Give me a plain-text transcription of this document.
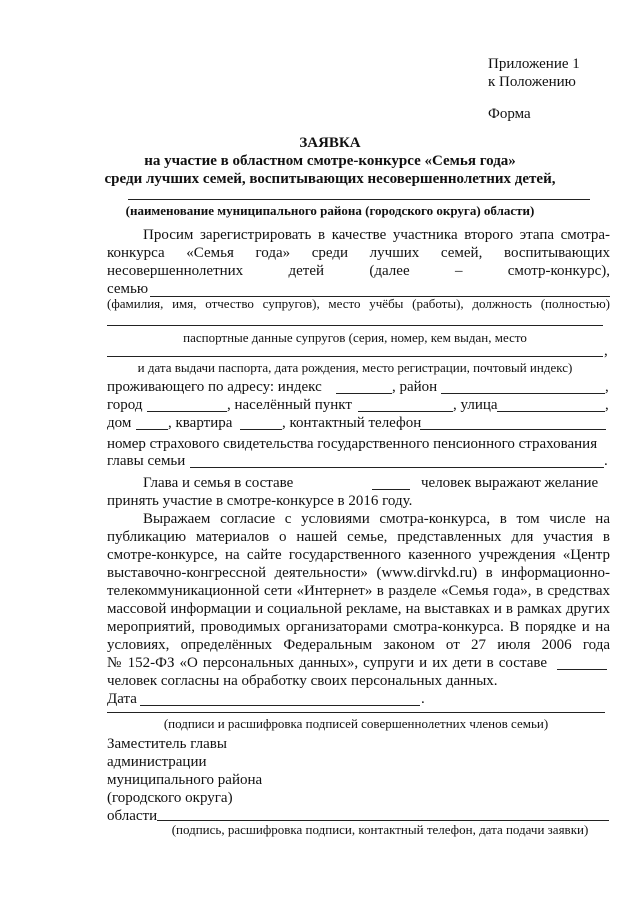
Приложение 1
к Положению
Форма
ЗАЯВКА
на участие в областном смотре-конкурсе «Семья года»
среди лучших семей, воспитывающих несовершеннолетних детей,
(наименование муниципального района (городского округа) области)
Просим зарегистрировать в качестве участника второго этапа смотра-
конкурса «Семья года» среди лучших семей, воспитывающих
несовершеннолетних детей (далее – смотр-конкурс),
семью
(фамилия, имя, отчество супругов), место учёбы (работы), должность (полностью)
паспортные данные супругов (серия, номер, кем выдан, место
,
и дата выдачи паспорта, дата рождения, место регистрации, почтовый индекс)
проживающего по адресу: индекс	, район	,
город	, населённый пункт	, улица	,
дом , квартира	, контактный телефон
номер страхового свидетельства государственного пенсионного страхования
главы семьи	.
Глава и семья в составе	человек выражают желание
принять участие в смотре-конкурсе в 2016 году.
Выражаем согласие с условиями смотра-конкурса, в том числе на
публикацию материалов о нашей семье, представленных для участия в
смотре-конкурсе, на сайте государственного казенного учреждения «Центр
выставочно-конгрессной деятельности» (www.dirvkd.ru) в информационно-
телекоммуникационной сети «Интернет» в разделе «Семья года», в средствах
массовой информации и социальной рекламе, на выставках и в рамках других
мероприятий, проводимых организаторами смотра-конкурса. В порядке и на
условиях, определённых Федеральным законом от 27 июля 2006 года
№ 152-ФЗ «О персональных данных», супруги и их дети в составе
человек согласны на обработку своих персональных данных.
Дата	.
(подписи и расшифровка подписей совершеннолетних членов семьи)
Заместитель главы
администрации
муниципального района
(городского округа)
области
(подпись, расшифровка подписи, контактный телефон, дата подачи заявки)
